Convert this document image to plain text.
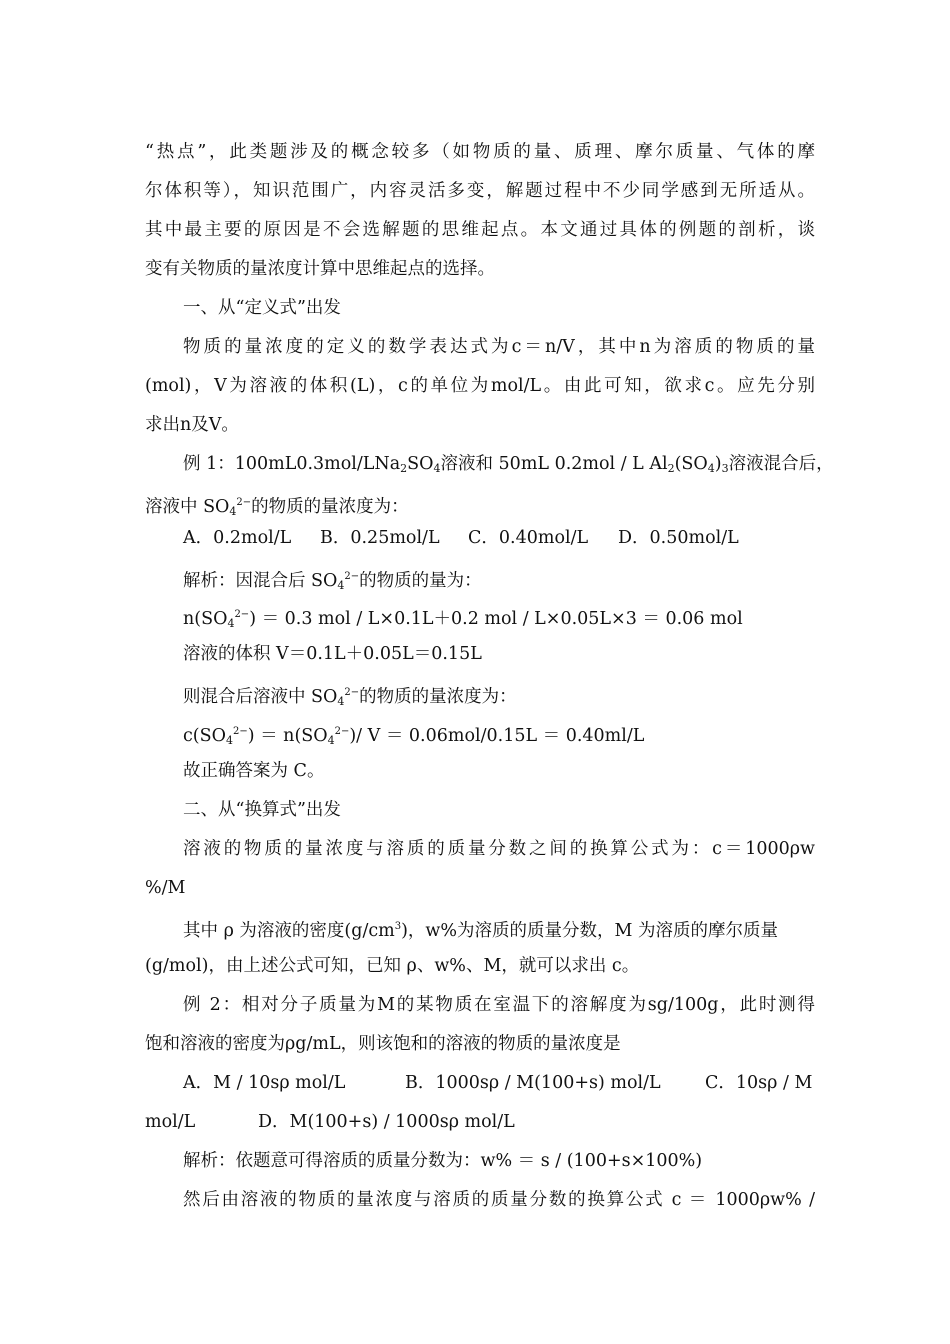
“热点”，此类题涉及的概念较多（如物质的量、质理、摩尔质量、气体的摩
尔体积等），知识范围广，内容灵活多变，解题过程中不少同学感到无所适从。
其中最主要的原因是不会选解题的思维起点。本文通过具体的例题的剖析，谈
变有关物质的量浓度计算中思维起点的选择。
一、从“定义式”出发
物质的量浓度的定义的数学表达式为c＝n/V，其中n为溶质的物质的量
(mol)，V为溶液的体积(L)，c的单位为mol/L。由此可知，欲求c。应先分别
求出n及V。
例 1：$100mL0.3mol/LNa_2SO_4$溶液和 50mL 0.2mol / L $Al_2(SO_4)_3$溶液混合后，
溶液中 $SO_4^{2-}$的物质的量浓度为：
A．0.2mol/L B．0.25mol/L C．0.40mol/L D．0.50mol/L
解析：因混合后 $SO_4^{2-}$的物质的量为：
$n(SO_4^{2-}) = 0.3$ mol / L×0.1L＋0.2 mol / L×0.05L×3 ＝ 0.06 mol
溶液的体积 V＝0.1L＋0.05L＝0.15L
则混合后溶液中 $SO_4^{2-}$的物质的量浓度为：
$c(SO_4^{2-}) = n(SO_4^{2-})/$ V ＝ 0.06mol/0.15L ＝ 0.40ml/L
故正确答案为 C。
二、从“换算式”出发
溶液的物质的量浓度与溶质的质量分数之间的换算公式为：c＝1000ρw
%/M
其中 ρ 为溶液的密度$(g/cm^3)$，w%为溶质的质量分数，M 为溶质的摩尔质量
(g/mol)，由上述公式可知，已知 ρ、w%、M，就可以求出 c。
例 2：相对分子质量为M的某物质在室温下的溶解度为sg/100g，此时测得
饱和溶液的密度为ρg/mL，则该饱和的溶液的物质的量浓度是
A．M / 10sρ mol/L	B．1000sρ / M(100+s) mol/L	C．10sρ / M
mol/L	D．M(100+s) / 1000sρ mol/L
解析：依题意可得溶质的质量分数为：w% ＝ s / (100+s×100%)
然后由溶液的物质的量浓度与溶质的质量分数的换算公式 c ＝ 1000ρw% /
